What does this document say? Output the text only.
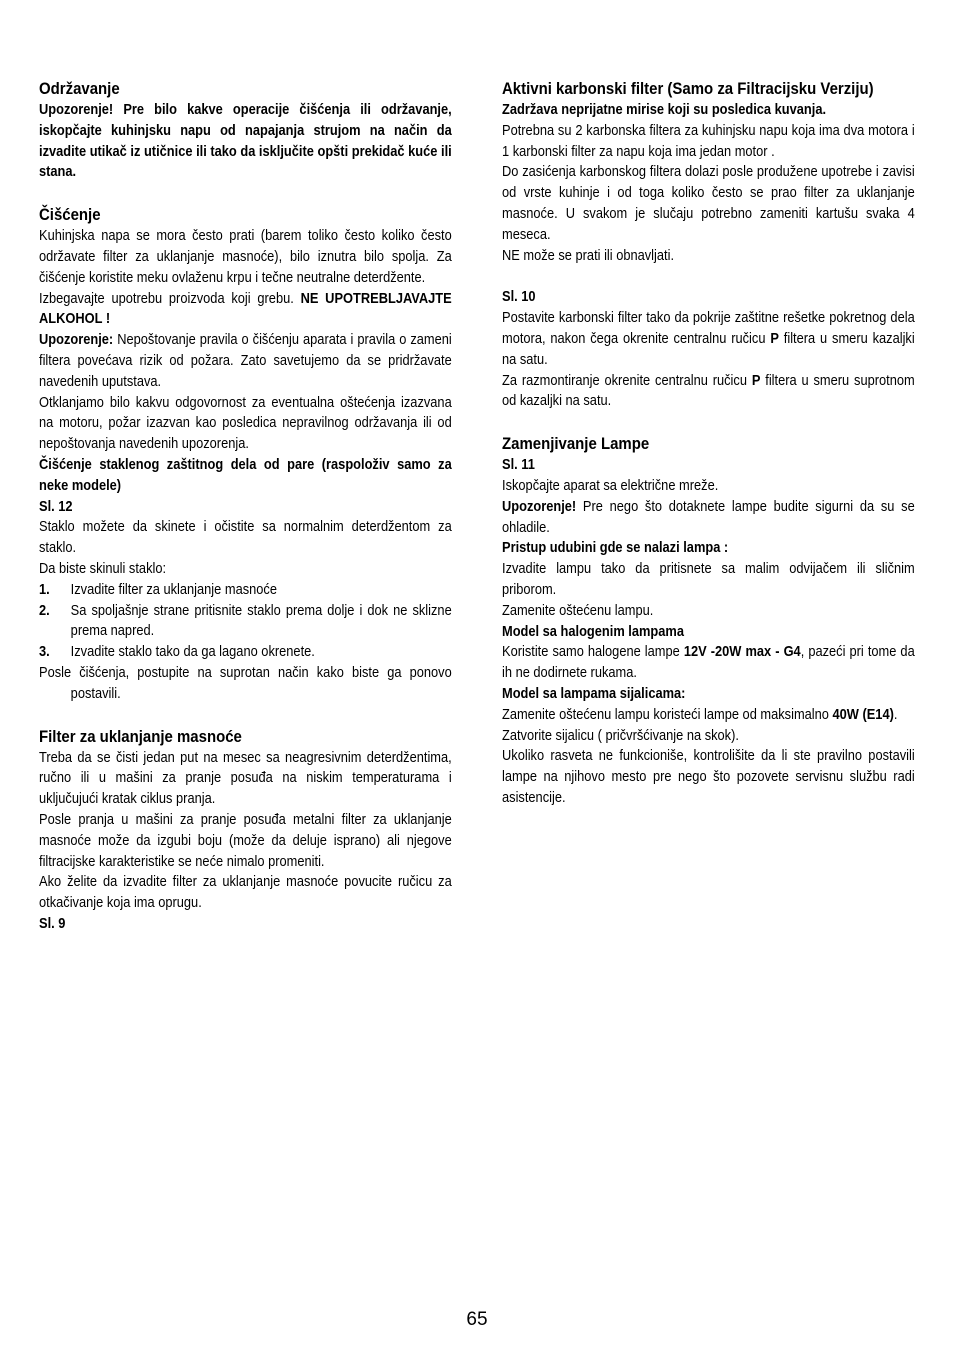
Održavanje

Upozorenje! Pre bilo kakve operacije čišćenja ili održavanje, iskopčajte kuhinjsku napu od napajanja strujom na način da izvadite utikač iz utičnice ili tako da isključite opšti prekidač kuće ili stana.

Čišćenje

Kuhinjska napa se mora često prati (barem toliko često koliko često održavate filter za uklanjanje masnoće), bilo iznutra bilo spolja. Za čišćenje koristite meku ovlaženu krpu i tečne neutralne deterdžente.

Izbegavajte upotrebu proizvoda koji grebu. NE UPOTREBLJAVAJTE ALKOHOL !

Upozorenje: Nepoštovanje pravila o čišćenju aparata i pravila o zameni filtera povećava rizik od požara. Zato savetujemo da se pridržavate navedenih uputstava.

Otklanjamo bilo kakvu odgovornost za eventualna oštećenja izazvana na motoru, požar izazvan kao posledica nepravilnog održavanja ili od nepoštovanja navedenih upozorenja.

Čišćenje staklenog zaštitnog dela od pare (raspoloživ samo za neke modele)

Sl. 12

Staklo možete da skinete i očistite sa normalnim deterdžentom za staklo.

Da biste skinuli staklo:

1. Izvadite filter za uklanjanje masnoće

2. Sa spoljašnje strane pritisnite staklo prema dolje i dok ne sklizne prema napred.

3. Izvadite staklo tako da ga lagano okrenete.

Posle čišćenja, postupite na suprotan način kako biste ga ponovo postavili.

Filter za uklanjanje masnoće

Treba da se čisti jedan put na mesec sa neagresivnim deterdžentima, ručno ili u mašini za pranje posuđa na niskim temperaturama i uključujući kratak ciklus pranja.

Posle pranja u mašini za pranje posuđa metalni filter za uklanjanje masnoće može da izgubi boju (može da deluje isprano) ali njegove filtracijske karakteristike se neće nimalo promeniti.

Ako želite da izvadite filter za uklanjanje masnoće povucite ručicu za otkačivanje koja ima oprugu.

Sl. 9

Aktivni karbonski filter (Samo za Filtracijsku Verziju)

Zadržava neprijatne mirise koji su posledica kuvanja.

Potrebna su 2 karbonska filtera za kuhinjsku napu koja ima dva motora i 1 karbonski filter za napu koja ima jedan motor .

Do zasićenja karbonskog filtera dolazi posle produžene upotrebe i zavisi od vrste kuhinje i od toga koliko često se prao filter za uklanjanje masnoće. U svakom je slučaju potrebno zameniti kartušu svaka 4 meseca.

NE može se prati ili obnavljati.

Sl. 10

Postavite karbonski filter tako da pokrije zaštitne rešetke pokretnog dela motora, nakon čega okrenite centralnu ručicu P filtera u smeru kazaljki na satu.

Za razmontiranje okrenite centralnu ručicu P filtera u smeru suprotnom od kazaljki na satu.

Zamenjivanje Lampe

Sl. 11

Iskopčajte aparat sa električne mreže.

Upozorenje! Pre nego što dotaknete lampe budite sigurni da su se ohladile.

Pristup udubini gde se nalazi lampa :

Izvadite lampu tako da pritisnete sa malim odvijačem ili sličnim priborom.

Zamenite oštećenu lampu.

Model sa halogenim lampama

Koristite samo halogene lampe 12V -20W max - G4, pazeći pri tome da ih ne dodirnete rukama.

Model sa lampama sijalicama:

Zamenite oštećenu lampu koristeći lampe od maksimalno 40W (E14).

Zatvorite sijalicu ( pričvršćivanje na skok).

Ukoliko rasveta ne funkcioniše, kontrolišite da li ste pravilno postavili lampe na njihovo mesto pre nego što pozovete servisnu službu radi asistencije.

65
